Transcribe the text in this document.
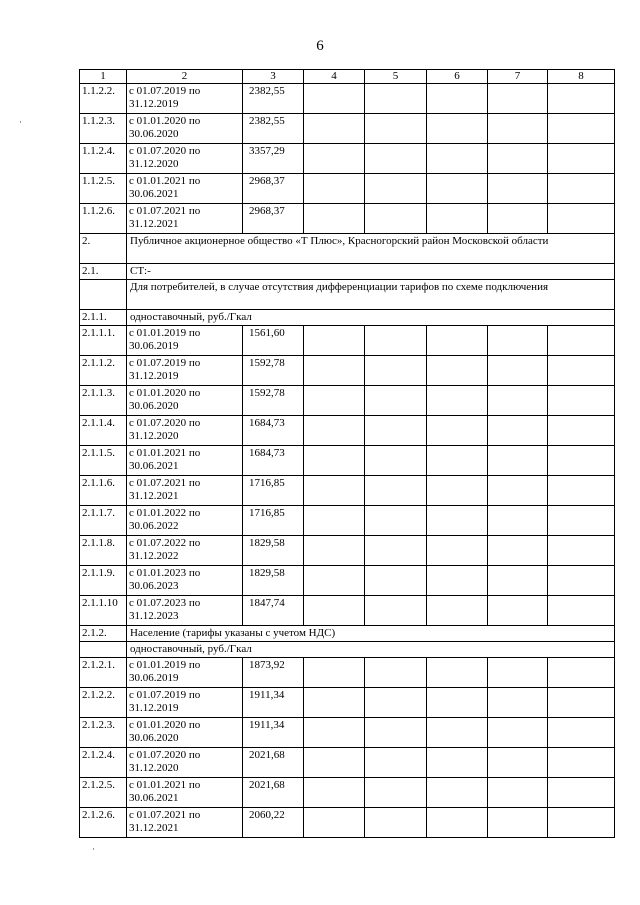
6
1	2	3	4	5	6	7	8
1.1.2.2.	с 01.07.2019 по 31.12.2019	2382,55					
1.1.2.3.	с 01.01.2020 по 30.06.2020	2382,55					
1.1.2.4.	с 01.07.2020 по 31.12.2020	3357,29					
1.1.2.5.	с 01.01.2021 по 30.06.2021	2968,37					
1.1.2.6.	с 01.07.2021 по 31.12.2021	2968,37					
2.	Публичное акционерное общество «Т Плюс», Красногорский район Московской области						
2.1.	СТ:-						
	Для потребителей, в случае отсутствия дифференциации тарифов по схеме подключения						
2.1.1.	одноставочный, руб./Гкал						
2.1.1.1.	с 01.01.2019 по 30.06.2019	1561,60					
2.1.1.2.	с 01.07.2019 по 31.12.2019	1592,78					
2.1.1.3.	с 01.01.2020 по 30.06.2020	1592,78					
2.1.1.4.	с 01.07.2020 по 31.12.2020	1684,73					
2.1.1.5.	с 01.01.2021 по 30.06.2021	1684,73					
2.1.1.6.	с 01.07.2021 по 31.12.2021	1716,85					
2.1.1.7.	с 01.01.2022 по 30.06.2022	1716,85					
2.1.1.8.	с 01.07.2022 по 31.12.2022	1829,58					
2.1.1.9.	с 01.01.2023 по 30.06.2023	1829,58					
2.1.1.10	с 01.07.2023 по 31.12.2023	1847,74					
2.1.2.	Население (тарифы указаны с учетом НДС)						
	одноставочный, руб./Гкал						
2.1.2.1.	с 01.01.2019 по 30.06.2019	1873,92					
2.1.2.2.	с 01.07.2019 по 31.12.2019	1911,34					
2.1.2.3.	с 01.01.2020 по 30.06.2020	1911,34					
2.1.2.4.	с 01.07.2020 по 31.12.2020	2021,68					
2.1.2.5.	с 01.01.2021 по 30.06.2021	2021,68					
2.1.2.6.	с 01.07.2021 по 31.12.2021	2060,22					
